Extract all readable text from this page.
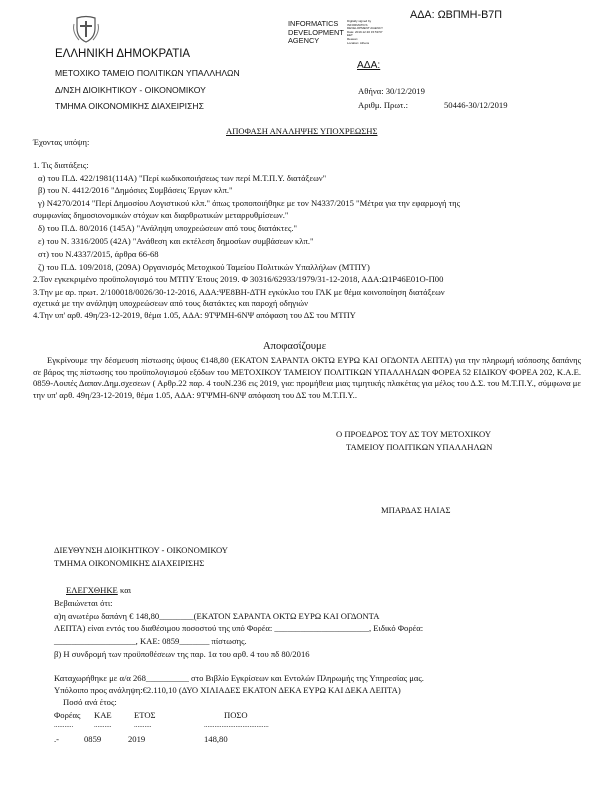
ΕΛΛΗΝΙΚΗ ΔΗΜΟΚΡΑΤΙΑ
ΜΕΤΟΧΙΚΟ ΤΑΜΕΙΟ ΠΟΛΙΤΙΚΩΝ ΥΠΑΛΛΗΛΩΝ
Δ/ΝΣΗ ΔΙΟΙΚΗΤΙΚΟΥ - ΟΙΚΟΝΟΜΙΚΟΥ
ΤΜΗΜΑ ΟΙΚΟΝΟΜΙΚΗΣ ΔΙΑΧΕΙΡΙΣΗΣ
INFORMATICS
DEVELOPMENT
AGENCY
Digitally signed by
INFORMATICS
DEVELOPMENT AGENCY
Date: 2019.12.30 15:59:57
EET
Reason:
Location: Athens
ΑΔΑ: ΩΒΠΜΗ-Β7Π
ΑΔΑ:
Αθήνα: 30/12/2019
Αριθμ. Πρωτ.:	50446-30/12/2019
ΑΠΟΦΑΣΗ ΑΝΑΛΗΨΗΣ ΥΠΟΧΡΕΩΣΗΣ
Έχοντας υπόψη:
1. Τις διατάξεις:
α) του Π.Δ. 422/1981(114Α) "Περί κωδικοποιήσεως των περί Μ.Τ.Π.Υ. διατάξεων"
β) του Ν. 4412/2016 "Δημόσιες Συμβάσεις Έργων κλπ."
γ) Ν4270/2014 "Περί Δημοσίου Λογιστικού κλπ." όπως τροποποιήθηκε με τον Ν4337/2015 "Μέτρα για την εφαρμογή της
συμφωνίας δημοσιονομικών στόχων και διαρθρωτικών μεταρρυθμίσεων."
δ) του Π.Δ. 80/2016 (145Α) "Ανάληψη υποχρεώσεων από τους διατάκτες."
ε) του Ν. 3316/2005 (42Α) "Ανάθεση και εκτέλεση δημοσίων συμβάσεων κλπ."
στ) του Ν.4337/2015, άρθρα 66-68
ζ) του Π.Δ. 109/2018, (209Α) Οργανισμός Μετοχικού Ταμείου Πολιτικών Υπαλλήλων (ΜΤΠΥ)
2.Τον εγκεκριμένο προϋπολογισμό του ΜΤΠΥ Έτους 2019. Φ 30316/62933/1979/31-12-2018, ΑΔΑ:Ω1Ρ46Ε01Ο-Π00
3.Την με αρ. πρωτ. 2/100018/0026/30-12-2016, ΑΔΑ:ΨΕ8ΒΗ-ΔΤΗ εγκύκλιο του ΓΛΚ με θέμα κοινοποίηση διατάξεων
σχετικά με την ανάληψη υποχρεώσεων από τους διατάκτες και παροχή οδηγιών
4.Την υπ' αρθ. 49η/23-12-2019, θέμα 1.05, ΑΔΑ: 9ΤΨΜΗ-6ΝΨ απόφαση του ΔΣ του ΜΤΠΥ
Αποφασίζουμε
Εγκρίνουμε την δέσμευση πίστωσης ύψους €148,80 (ΕΚΑΤΟΝ ΣΑΡΑΝΤΑ ΟΚΤΩ ΕΥΡΩ ΚΑΙ ΟΓΔΟΝΤΑ ΛΕΠΤΑ) για την πληρωμή ισόποσης δαπάνης σε βάρος της πίστωσης του προϋπολογισμού εξόδων του ΜΕΤΟΧΙΚΟΥ ΤΑΜΕΙΟΥ ΠΟΛΙΤΙΚΩΝ ΥΠΑΛΛΗΛΩΝ ΦΟΡΕΑ 52 ΕΙΔΙΚΟΥ ΦΟΡΕΑ 202, Κ.Α.Ε. 0859-Λοιπές Δαπαν.Δημ.σχεσεων ( Αρθρ.22 παρ. 4 τουΝ.236 εις 2019, για: προμήθεια μιας τιμητικής πλακέτας για μέλος του Δ.Σ. του Μ.Τ.Π.Υ., σύμφωνα με την υπ' αρθ. 49η/23-12-2019, θέμα 1.05, ΑΔΑ: 9ΤΨΜΗ-6ΝΨ απόφαση του ΔΣ του Μ.Τ.Π.Υ..
Ο ΠΡΟΕΔΡΟΣ ΤΟΥ ΔΣ ΤΟΥ ΜΕΤΟΧΙΚΟΥ
ΤΑΜΕΙΟΥ ΠΟΛΙΤΙΚΩΝ ΥΠΑΛΛΗΛΩΝ
ΜΠΑΡΔΑΣ ΗΛΙΑΣ
ΔΙΕΥΘΥΝΣΗ ΔΙΟΙΚΗΤΙΚΟΥ - ΟΙΚΟΝΟΜΙΚΟΥ
ΤΜΗΜΑ ΟΙΚΟΝΟΜΙΚΗΣ ΔΙΑΧΕΙΡΙΣΗΣ
ΕΛΕΓΧΘΗΚΕ και
Βεβαιώνεται ότι:
α)η ανωτέρω δαπάνη € 148,80________(ΕΚΑΤΟΝ ΣΑΡΑΝΤΑ ΟΚΤΩ ΕΥΡΩ ΚΑΙ ΟΓΔΟΝΤΑ
ΛΕΠΤΑ) είναι εντός του διαθέσιμου ποσοστού της υπό Φορέα: ______________________, Ειδικό Φορέα:
___________________, ΚΑΕ: 0859_______ πίστωσης.
β) Η συνδρομή των προϋποθέσεων της παρ. 1α του αρθ. 4 του πδ 80/2016
Καταχωρήθηκε με α/α 268__________ στο Βιβλίο Εγκρίσεων και Εντολών Πληρωμής της Υπηρεσίας μας.
Υπόλοιπο προς ανάληψη:€2.110,10 (ΔΥΟ ΧΙΛΙΑΔΕΣ ΕΚΑΤΟΝ ΔΕΚΑ ΕΥΡΩ ΚΑΙ ΔΕΚΑ ΛΕΠΤΑ)
Ποσό ανά έτος:
Φορέας	ΚΑΕ	ΕΤΟΣ	ΠΟΣΟ
...........	..........	..........	.....................................
.-	0859	2019	148,80
